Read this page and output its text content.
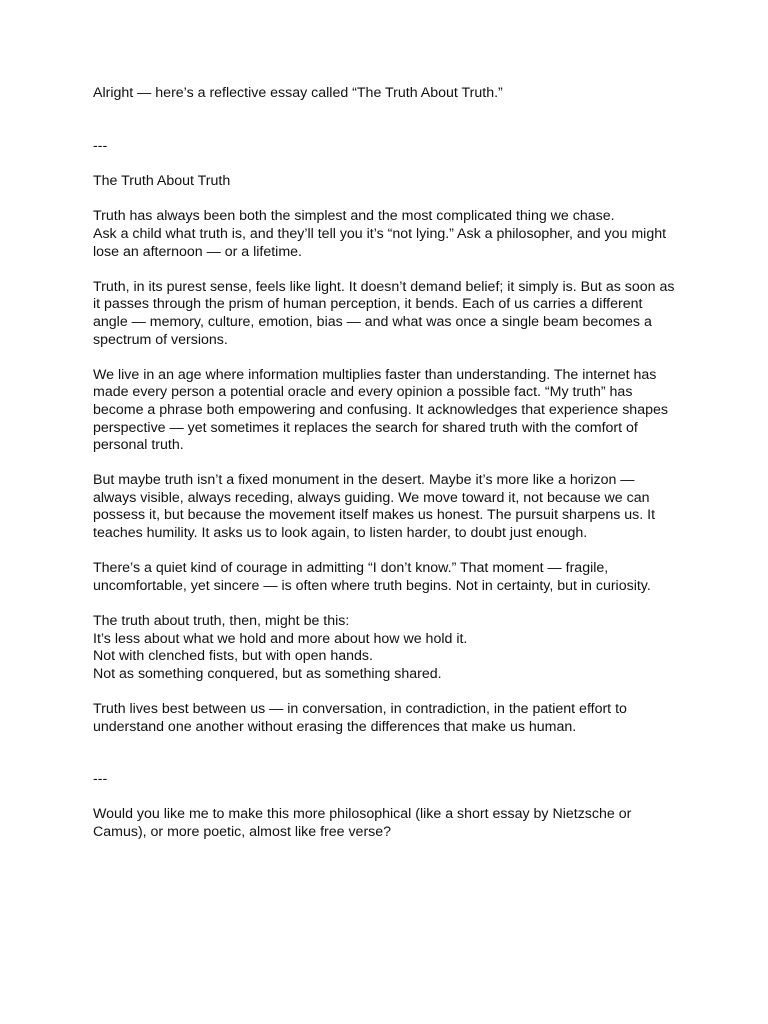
Alright — here’s a reflective essay called “The Truth About Truth.”
---
The Truth About Truth
Truth has always been both the simplest and the most complicated thing we chase.
Ask a child what truth is, and they’ll tell you it’s “not lying.” Ask a philosopher, and you might
lose an afternoon — or a lifetime.
Truth, in its purest sense, feels like light. It doesn’t demand belief; it simply is. But as soon as
it passes through the prism of human perception, it bends. Each of us carries a different
angle — memory, culture, emotion, bias — and what was once a single beam becomes a
spectrum of versions.
We live in an age where information multiplies faster than understanding. The internet has
made every person a potential oracle and every opinion a possible fact. “My truth” has
become a phrase both empowering and confusing. It acknowledges that experience shapes
perspective — yet sometimes it replaces the search for shared truth with the comfort of
personal truth.
But maybe truth isn’t a fixed monument in the desert. Maybe it’s more like a horizon —
always visible, always receding, always guiding. We move toward it, not because we can
possess it, but because the movement itself makes us honest. The pursuit sharpens us. It
teaches humility. It asks us to look again, to listen harder, to doubt just enough.
There’s a quiet kind of courage in admitting “I don’t know.” That moment — fragile,
uncomfortable, yet sincere — is often where truth begins. Not in certainty, but in curiosity.
The truth about truth, then, might be this:
It’s less about what we hold and more about how we hold it.
Not with clenched fists, but with open hands.
Not as something conquered, but as something shared.
Truth lives best between us — in conversation, in contradiction, in the patient effort to
understand one another without erasing the differences that make us human.
---
Would you like me to make this more philosophical (like a short essay by Nietzsche or
Camus), or more poetic, almost like free verse?
